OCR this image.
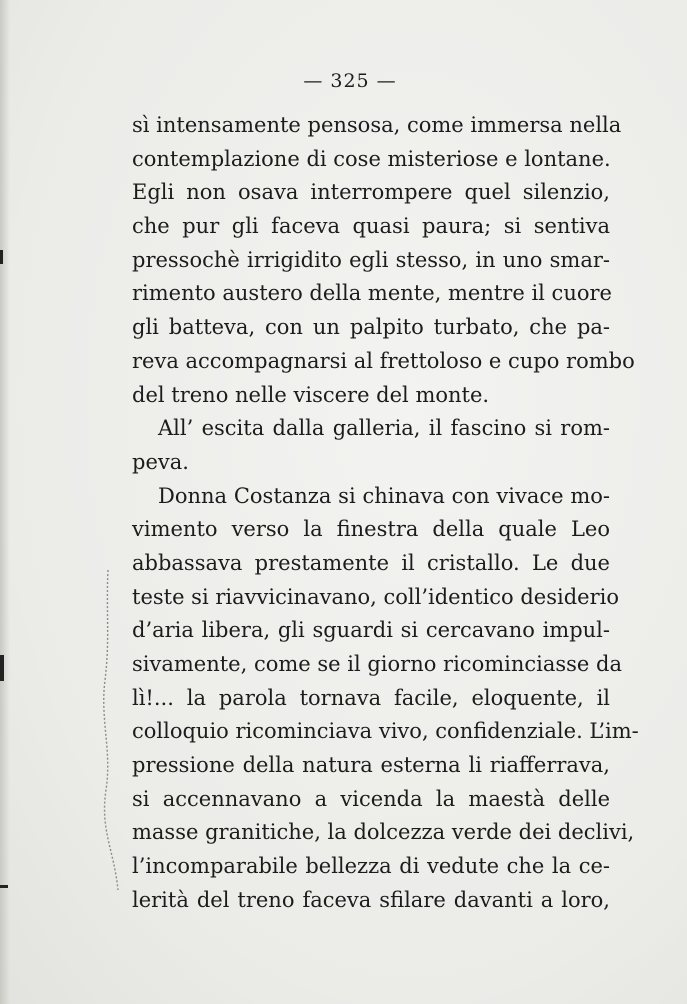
— 325 —
sì intensamente pensosa, come immersa nella
contemplazione di cose misteriose e lontane.
Egli non osava interrompere quel silenzio,
che pur gli faceva quasi paura; si sentiva
pressochè irrigidito egli stesso, in uno smar-
rimento austero della mente, mentre il cuore
gli batteva, con un palpito turbato, che pa-
reva accompagnarsi al frettoloso e cupo rombo
del treno nelle viscere del monte.
All’ escita dalla galleria, il fascino si rom-
peva.
Donna Costanza si chinava con vivace mo-
vimento verso la finestra della quale Leo
abbassava prestamente il cristallo. Le due
teste si riavvicinavano, coll’identico desiderio
d’aria libera, gli sguardi si cercavano impul-
sivamente, come se il giorno ricominciasse da
lì!... la parola tornava facile, eloquente, il
colloquio ricominciava vivo, confidenziale. L’im-
pressione della natura esterna li riafferrava,
si accennavano a vicenda la maestà delle
masse granitiche, la dolcezza verde dei declivi,
l’incomparabile bellezza di vedute che la ce-
lerità del treno faceva sfilare davanti a loro,
